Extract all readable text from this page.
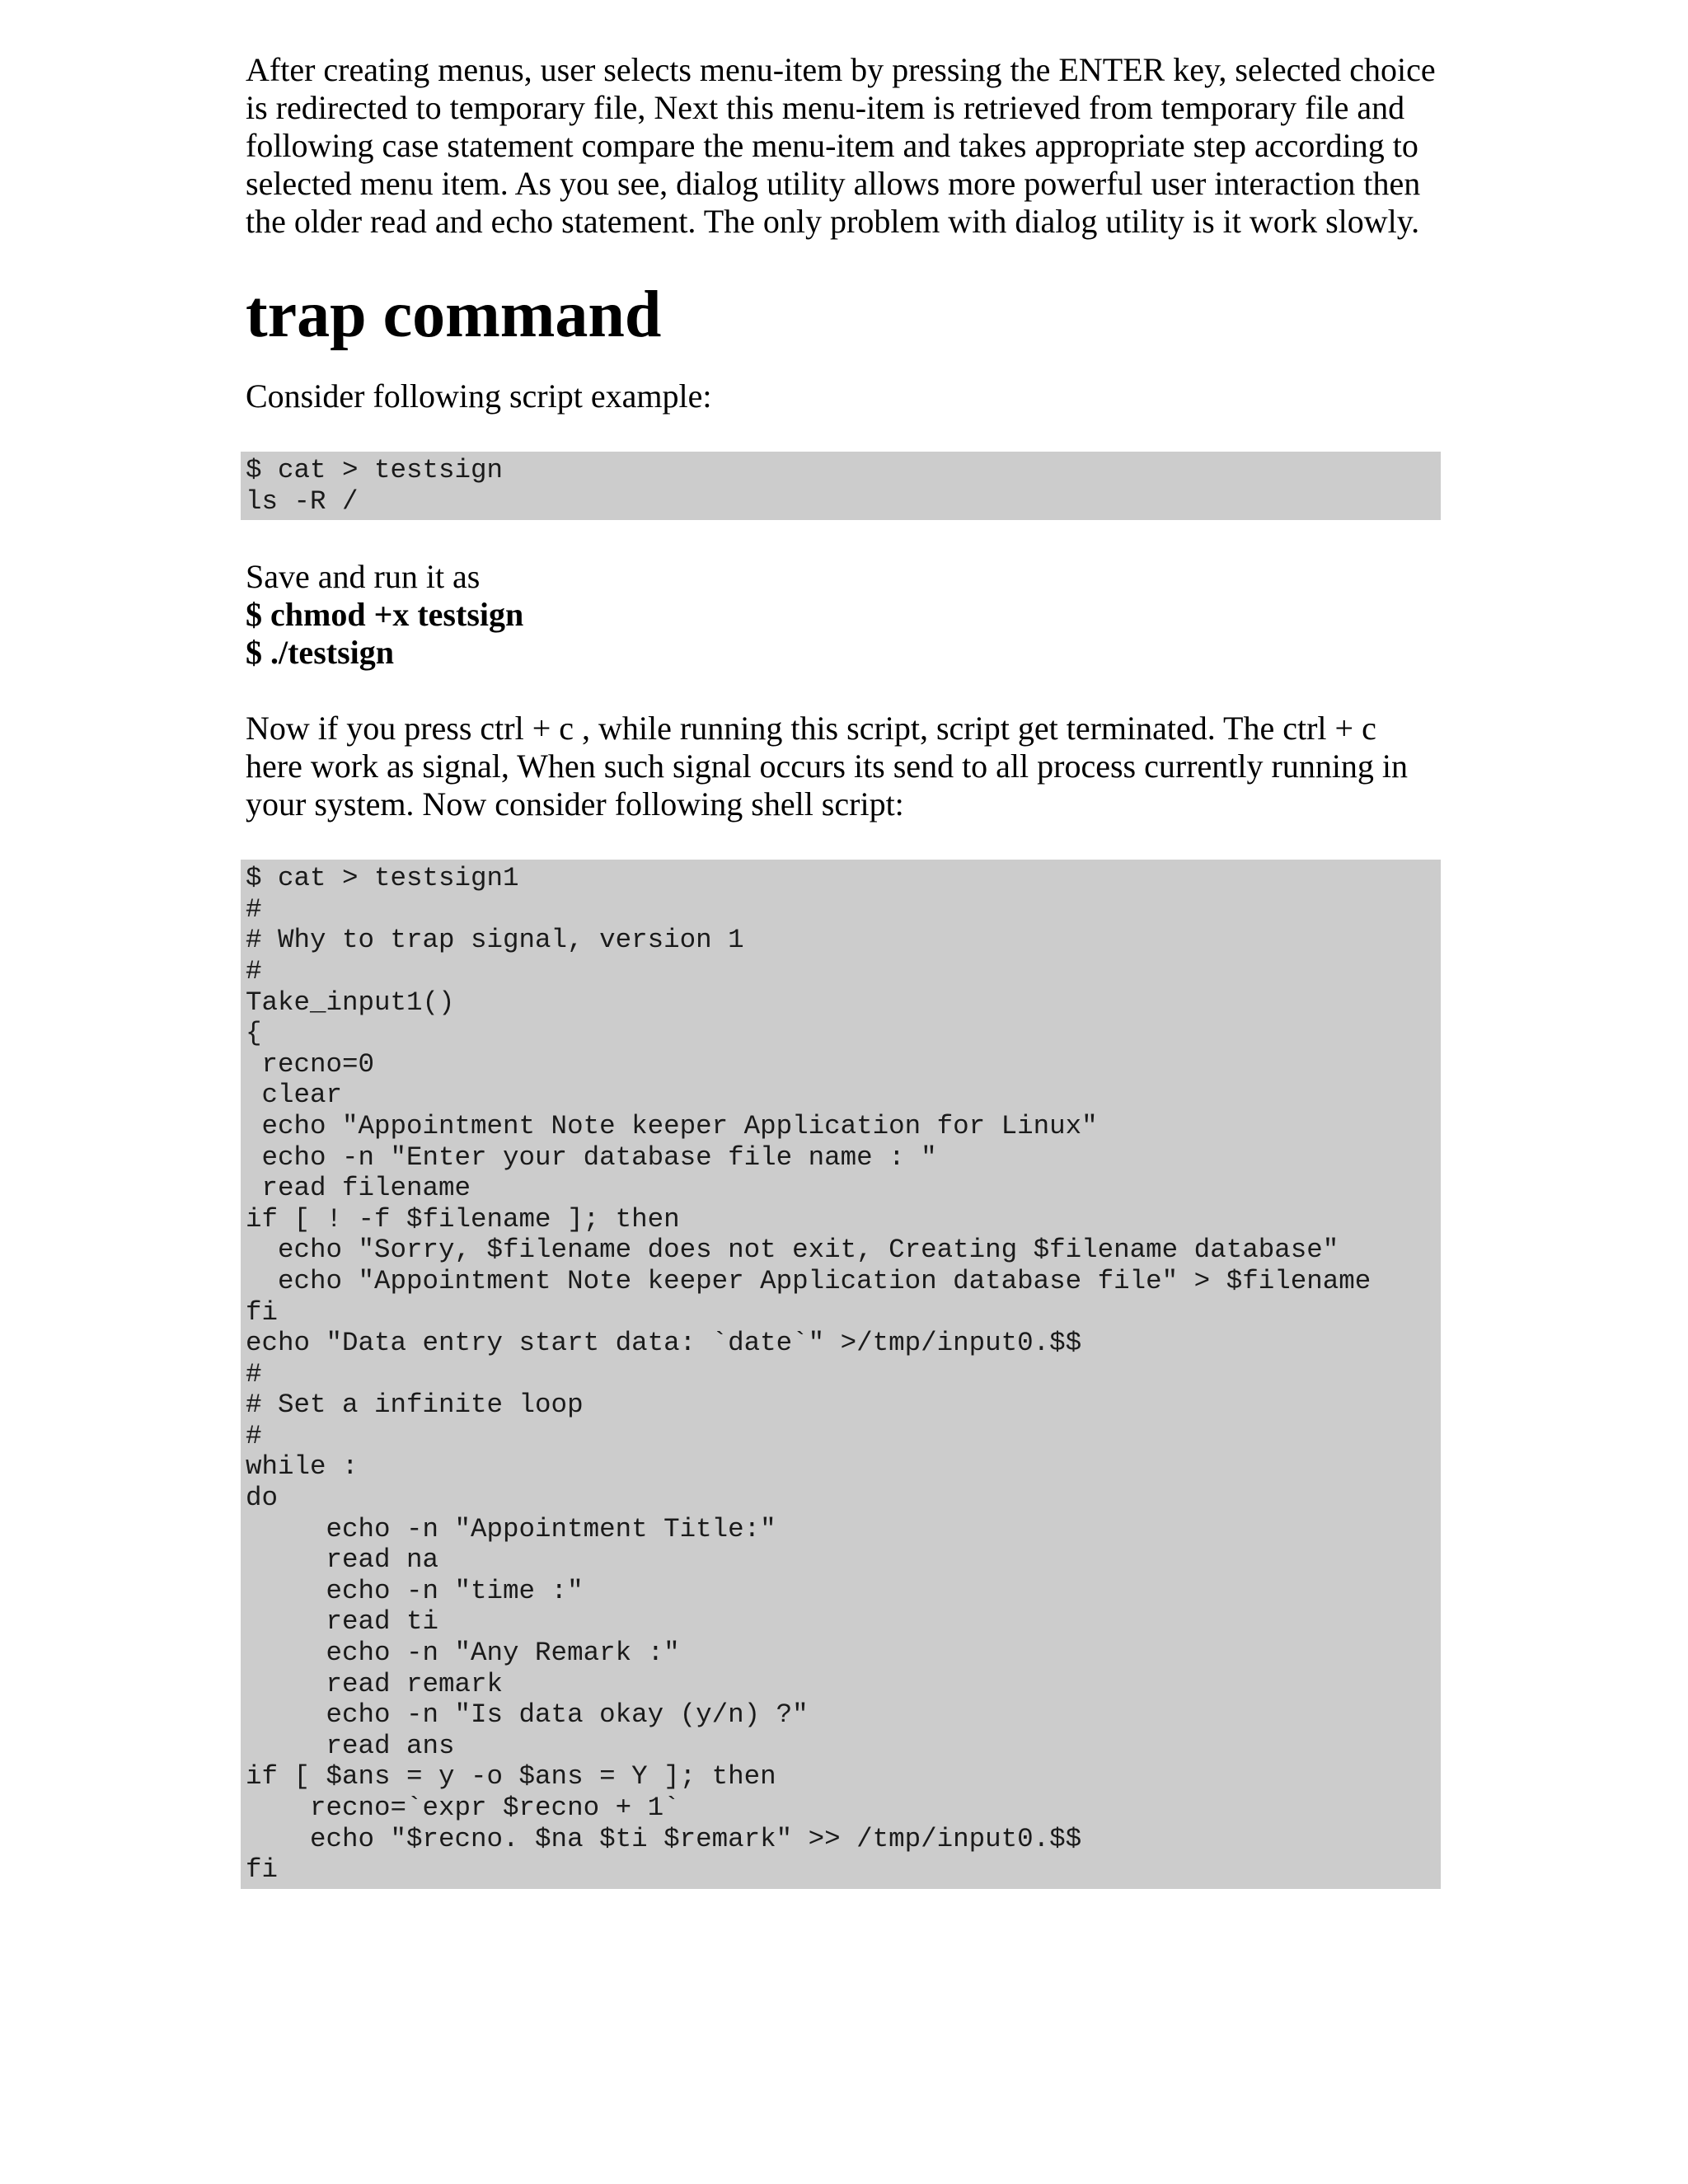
After creating menus, user selects menu-item by pressing the ENTER key, selected choice is redirected to temporary file, Next this menu-item is retrieved from temporary file and following case statement compare the menu-item and takes appropriate step according to selected menu item. As you see, dialog utility allows more powerful user interaction then the older read and echo statement. The only problem with dialog utility is it work slowly.

trap command

Consider following script example:

$ cat > testsign
ls -R /
Save and run it as
$ chmod +x testsign
$ ./testsign

Now if you press ctrl + c , while running this script, script get terminated. The ctrl + c here work as signal, When such signal occurs its send to all process currently running in your system. Now consider following shell script:

$ cat > testsign1
#
# Why to trap signal, version 1
#
Take_input1()
{
recno=0
clear
echo "Appointment Note keeper Application for Linux"
echo -n "Enter your database file name : "
read filename
if [ ! -f $filename ]; then
echo "Sorry, $filename does not exit, Creating $filename database"
echo "Appointment Note keeper Application database file" > $filename
fi
echo "Data entry start data: `date`" >/tmp/input0.$$
#
# Set a infinite loop
#
while :
do
echo -n "Appointment Title:"
read na
echo -n "time :"
read ti
echo -n "Any Remark :"
read remark
echo -n "Is data okay (y/n) ?"
read ans
if [ $ans = y -o $ans = Y ]; then
recno=`expr $recno + 1`
echo "$recno. $na $ti $remark" >> /tmp/input0.$$
fi
